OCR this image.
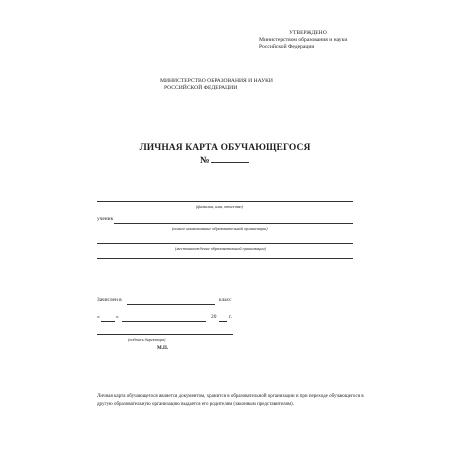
УТВЕРЖДЕНО
Министерством образования и науки
Российской Федерации
МИНИСТЕРСТВО ОБРАЗОВАНИЯ И НАУКИ
РОССИЙСКОЙ ФЕДЕРАЦИИ
ЛИЧНАЯ КАРТА ОБУЧАЮЩЕГОСЯ
№
(фамилия, имя, отчество)
ученик
(полное наименование образовательной организации)
(местонахождение образовательной организации)
Зачислен в	класс
«	»	20 г.
(подпись директора)
М.П.
Личная карта обучающегося является документом, хранится в образовательной организации и при переходе обучающегося в другую образовательную организацию выдается его родителям (законным представителям).
